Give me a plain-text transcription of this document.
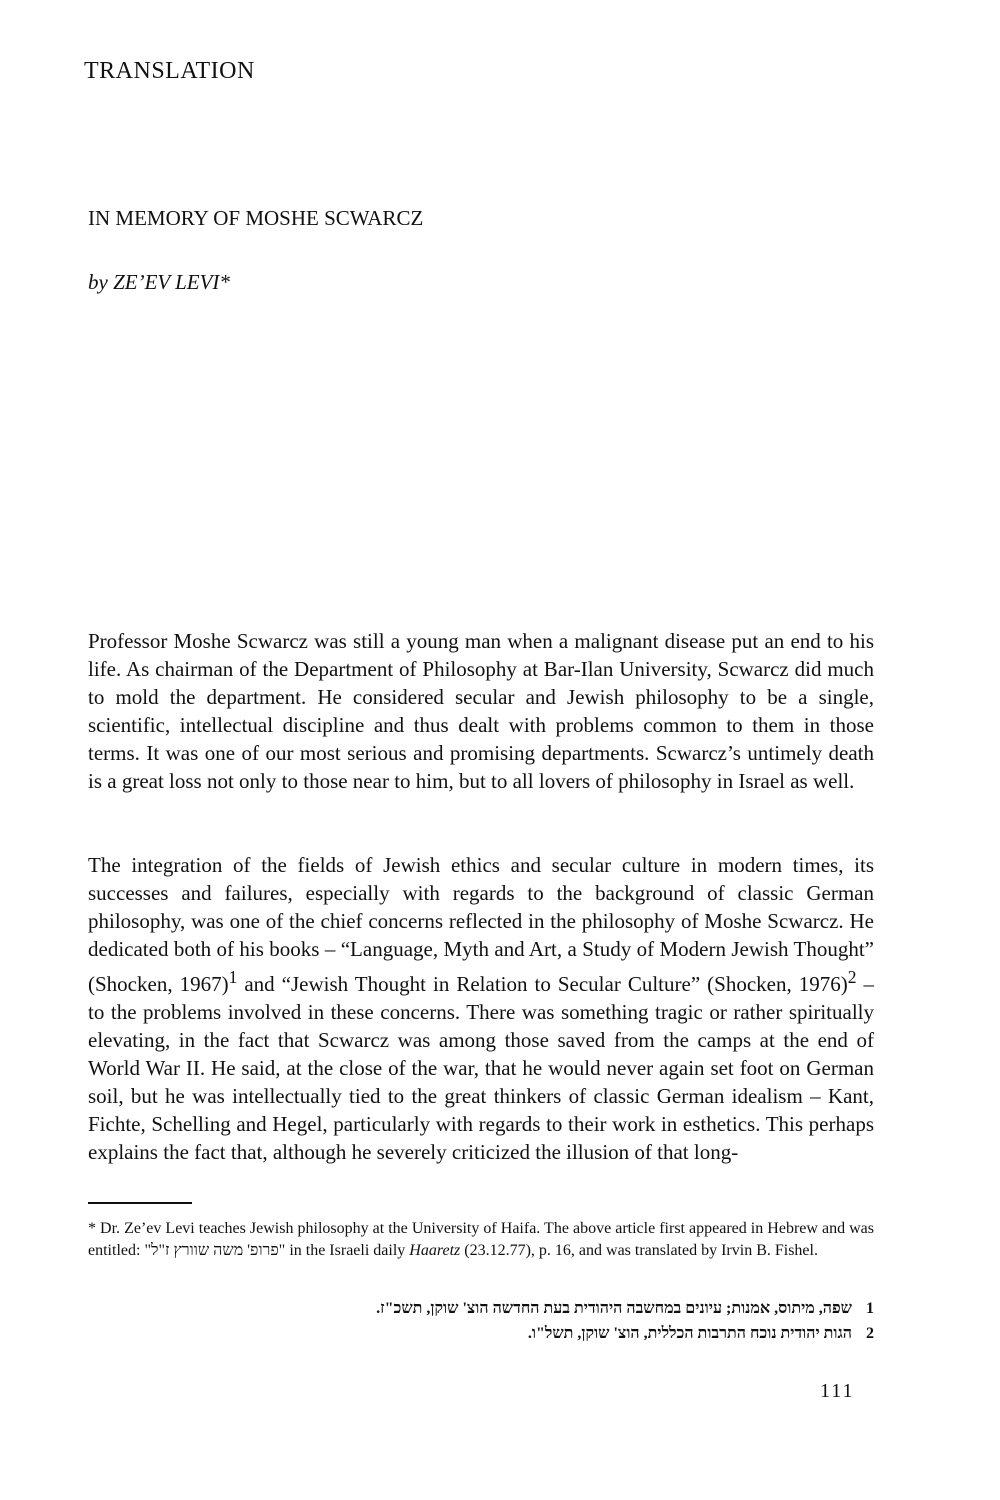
TRANSLATION
IN MEMORY OF MOSHE SCWARCZ
by ZE’EV LEVI*

Professor Moshe Scwarcz was still a young man when a malignant disease put an end to his life. As chairman of the Department of Philosophy at Bar-Ilan University, Scwarcz did much to mold the department. He considered secular and Jewish philosophy to be a single, scientific, intellectual discipline and thus dealt with problems common to them in those terms. It was one of our most serious and promising departments. Scwarcz’s untimely death is a great loss not only to those near to him, but to all lovers of philosophy in Israel as well.

The integration of the fields of Jewish ethics and secular culture in modern times, its successes and failures, especially with regards to the background of classic German philosophy, was one of the chief concerns reflected in the philosophy of Moshe Scwarcz. He dedicated both of his books – “Language, Myth and Art, a Study of Modern Jewish Thought” (Shocken, 1967)$^1$ and “Jewish Thought in Relation to Secular Culture” (Shocken, 1976)$^2$ – to the problems involved in these concerns. There was something tragic or rather spiritually elevating, in the fact that Scwarcz was among those saved from the camps at the end of World War II. He said, at the close of the war, that he would never again set foot on German soil, but he was intellectually tied to the great thinkers of classic German idealism – Kant, Fichte, Schelling and Hegel, particularly with regards to their work in esthetics. This perhaps explains the fact that, although he severely criticized the illusion of that long-

* Dr. Ze’ev Levi teaches Jewish philosophy at the University of Haifa. The above article first appeared in Hebrew and was entitled: "פרופ' משה שוורץ ז"ל" in the Israeli daily Haaretz (23.12.77), p. 16, and was translated by Irvin B. Fishel.

1
שפה, מיתוס, אמנות; עיונים במחשבה היהודית בעת החדשה הוצ' שוקן, תשכ"ז.
2
הגות יהודית נוכח התרבות הכללית, הוצ' שוקן, תשל"ו.
111
